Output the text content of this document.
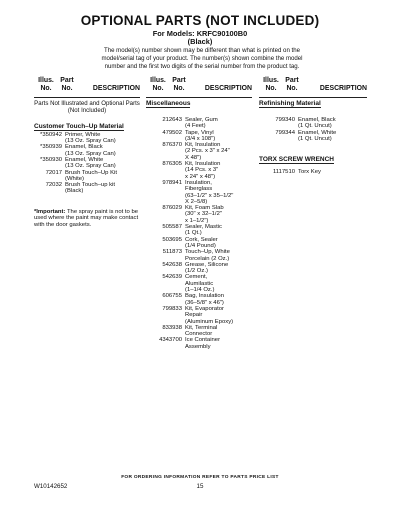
OPTIONAL PARTS (NOT INCLUDED)
For Models: KRFC90100B0
(Black)
The model(s) number shown may be different than what is printed on the model/serial tag of your product. The number(s) shown combine the model number and the first two digits of the serial number from the product tag.
Illus.
No.
Part
No.	DESCRIPTION
Parts Not Illustrated and Optional Parts (Not Included)
Customer Touch–Up Material
*350942 Primer, White
(13 Oz. Spray Can)
*350939 Enamel, Black
(13 Oz. Spray Can)
*350930 Enamel, White
(13 Oz. Spray Can)
72017 Brush Touch–Up Kit
(White)
72032 Brush Touch–up kit
(Black)
*Important: The spray paint is not to be used where the paint may make contact with the door gaskets.
Illus.
No.
Part
No.	DESCRIPTION
Miscellaneous
212643 Sealer, Gum
(4 Feet)
479502 Tape, Vinyl
(3/4 x 108")
876370 Kit, Insulation
(2 Pcs. x 3" x 24"
X 48")
876305 Kit, Insulation
(14 Pcs. x 3"
x 24" x 48")
978941 Insulation,
Fiberglass
(63–1/2" x 35–1/2"
X 2–5/8)
876029 Kit, Foam Slab
(30" x 32–1/2"
x 1–1/2")
505587 Sealer, Mastic
(1 Qt.)
503695 Cork, Sealer
(1/4 Pound)
511873 Touch–Up, White
Porcelain (2 Oz.)
542638 Grease, Silicone
(1/2 Oz.)
542639 Cement,
Alumilastic
(1–1/4 Oz.)
606755 Bag, Insulation
(36–5/8" x 46")
799833 Kit, Evaporator
Repair
(Aluminum Epoxy)
833938 Kit, Terminal
Connector
4343700 Ice Container
Assembly
Illus.
No.
Part
No.	DESCRIPTION
Refinishing Material
799340 Enamel, Black
(1 Qt. Uncut)
799344 Enamel, White
(1 Qt. Uncut)
TORX SCREW WRENCH
1117510 Torx Key
FOR ORDERING INFORMATION REFER TO PARTS PRICE LIST
W10142652	15
